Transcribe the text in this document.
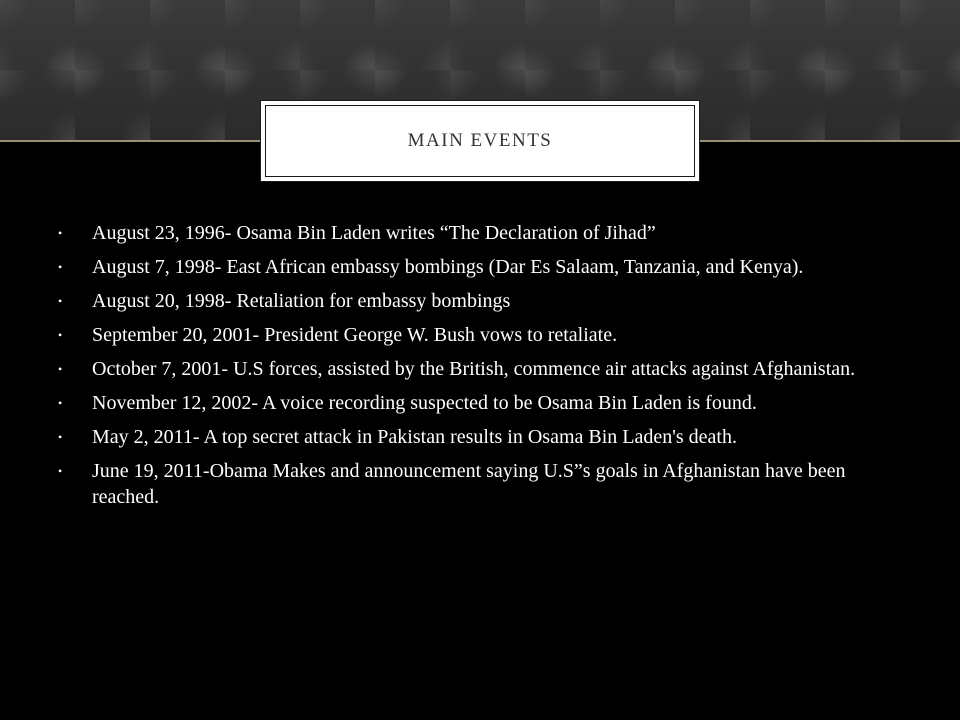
MAIN EVENTS
• August 23, 1996- Osama Bin Laden writes “The Declaration of Jihad”
• August 7, 1998- East African embassy bombings (Dar Es Salaam, Tanzania, and Kenya).
• August 20, 1998- Retaliation for embassy bombings
• September 20, 2001- President George W. Bush vows to retaliate.
• October 7, 2001- U.S forces, assisted by the British, commence air attacks against Afghanistan.
• November 12, 2002- A voice recording suspected to be Osama Bin Laden is found.
• May 2, 2011- A top secret attack in Pakistan results in Osama Bin Laden's death.
• June 19, 2011-Obama Makes and announcement saying U.S”s goals in Afghanistan have been reached.
